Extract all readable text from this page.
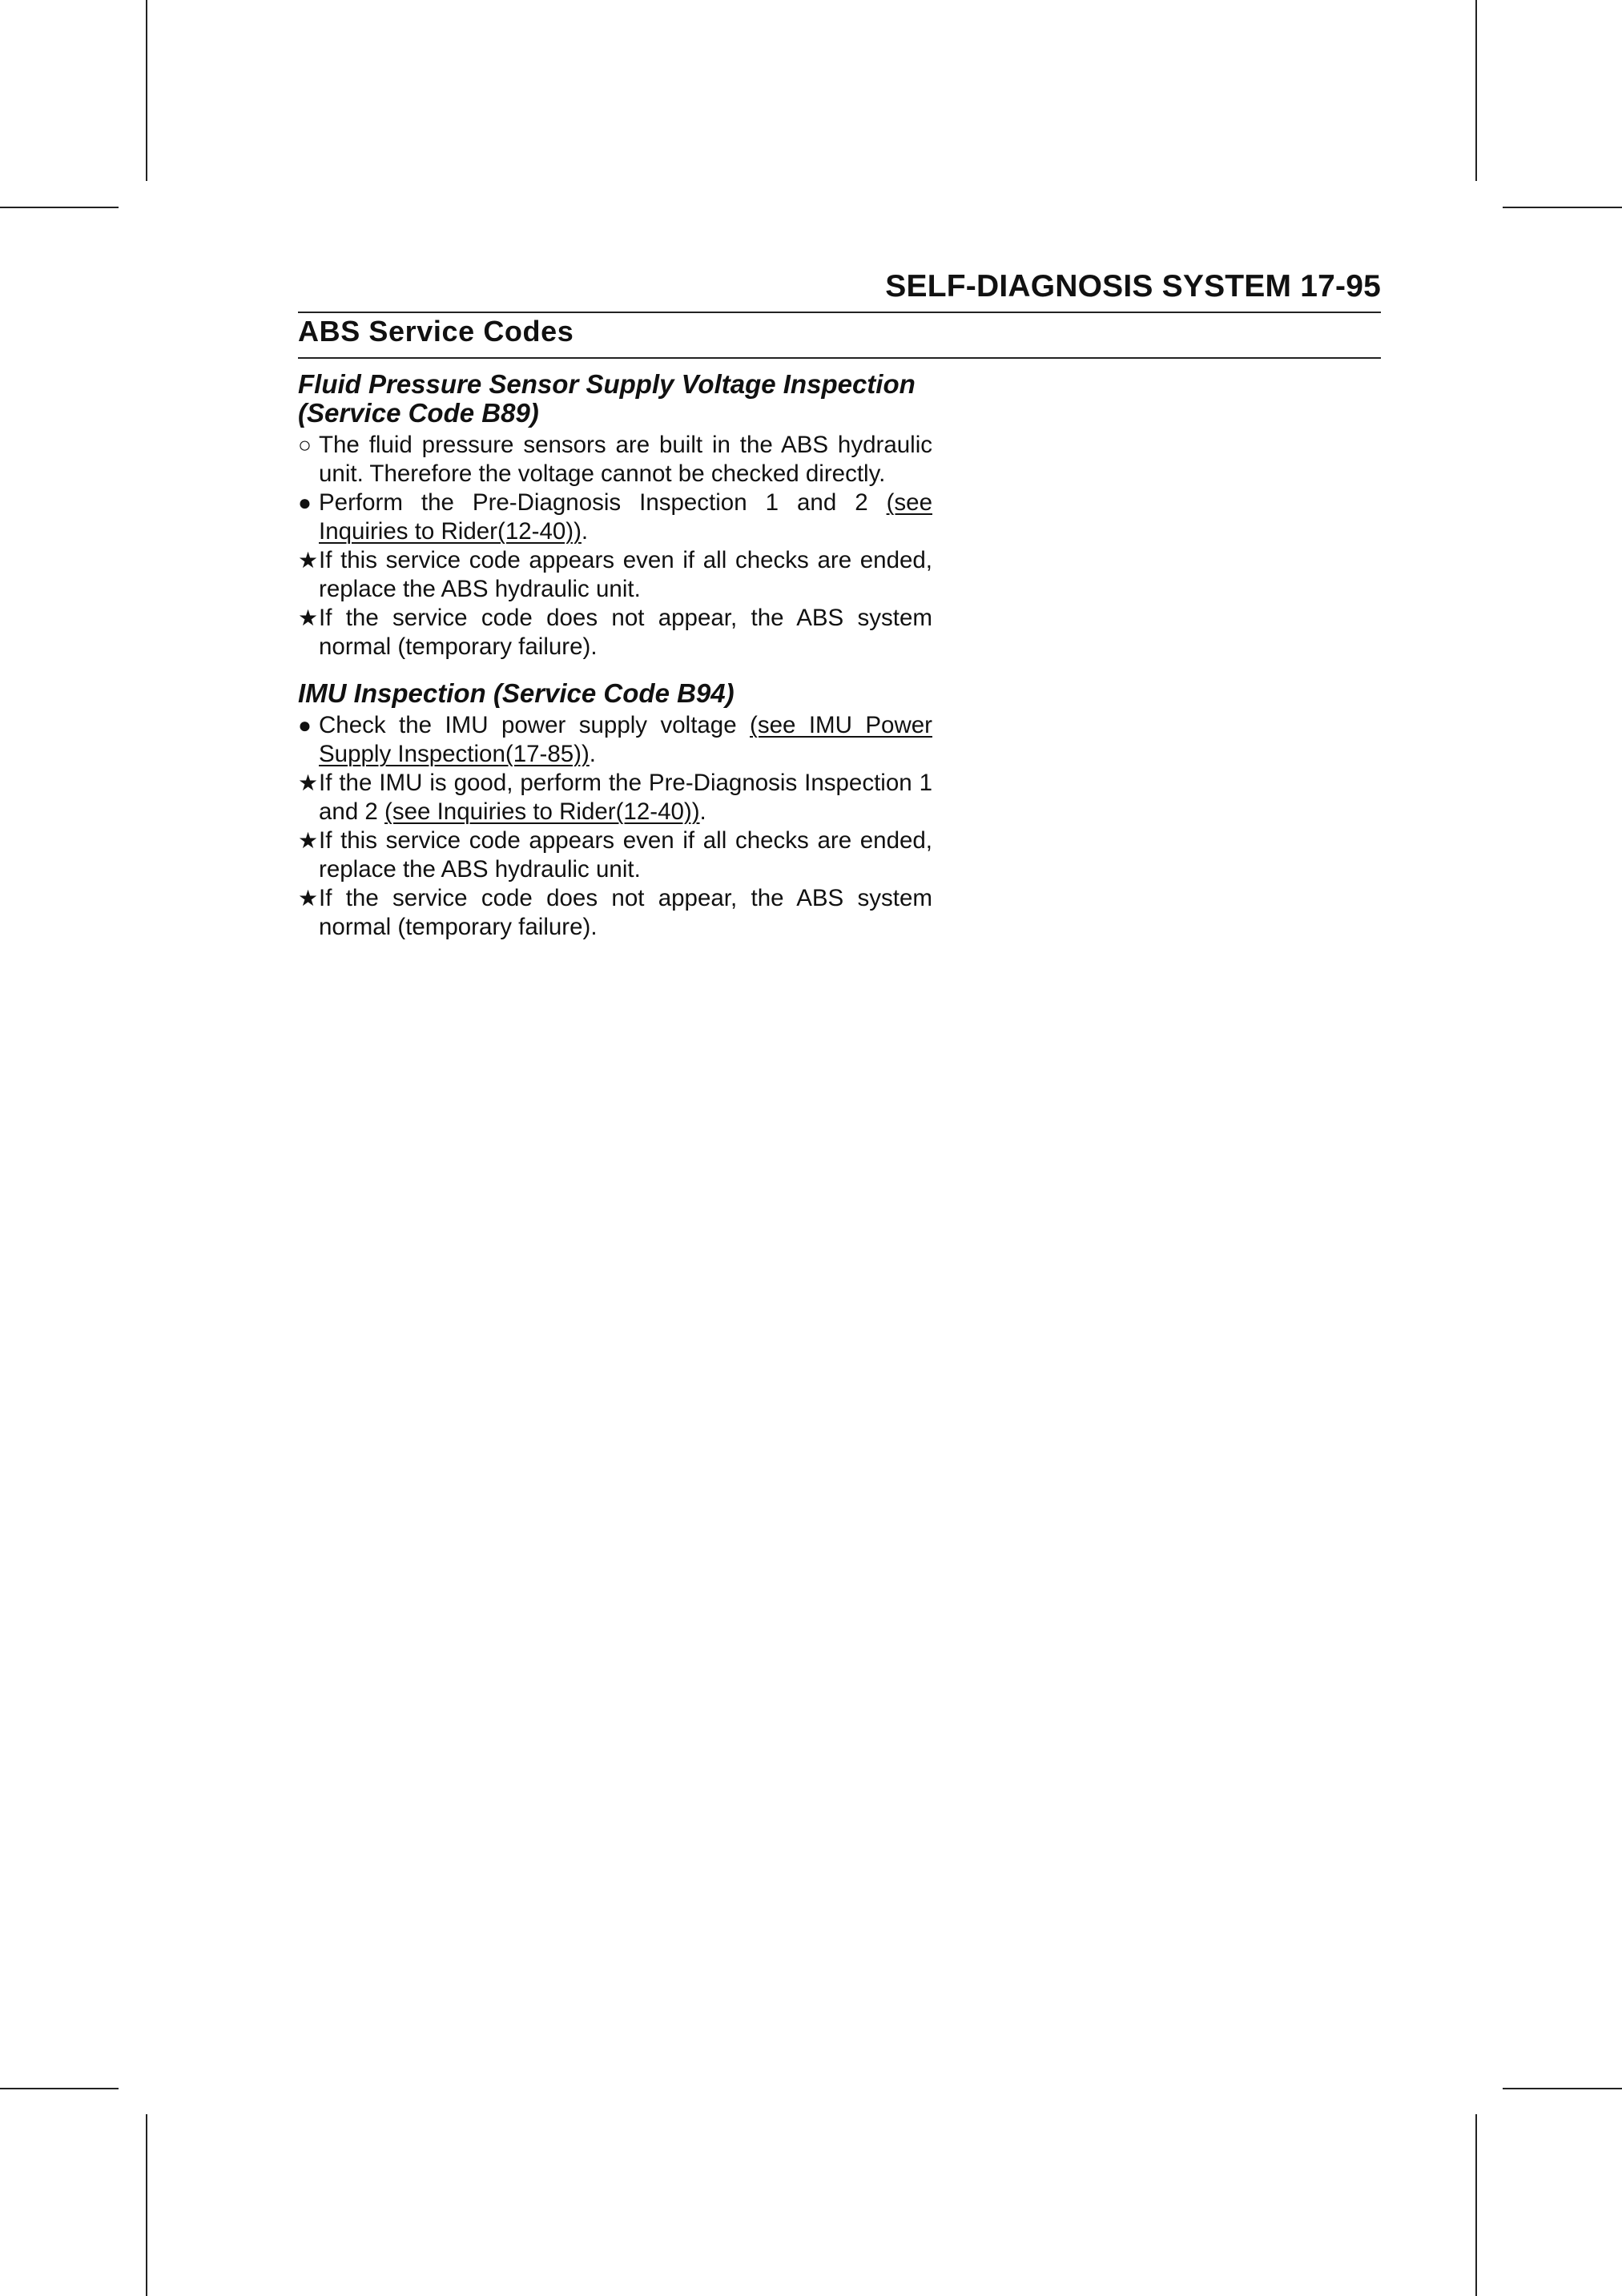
SELF-DIAGNOSIS SYSTEM 17-95
ABS Service Codes

Fluid Pressure Sensor Supply Voltage Inspection
(Service Code B89)

○ The fluid pressure sensors are built in the ABS hydraulic unit. Therefore the voltage cannot be checked directly.
● Perform the Pre-Diagnosis Inspection 1 and 2 (see Inquiries to Rider(12-40)).
★ If this service code appears even if all checks are ended, replace the ABS hydraulic unit.
★ If the service code does not appear, the ABS system normal (temporary failure).

IMU Inspection (Service Code B94)

● Check the IMU power supply voltage (see IMU Power Supply Inspection(17-85)).
★ If the IMU is good, perform the Pre-Diagnosis Inspection 1 and 2 (see Inquiries to Rider(12-40)).
★ If this service code appears even if all checks are ended, replace the ABS hydraulic unit.
★ If the service code does not appear, the ABS system normal (temporary failure).
